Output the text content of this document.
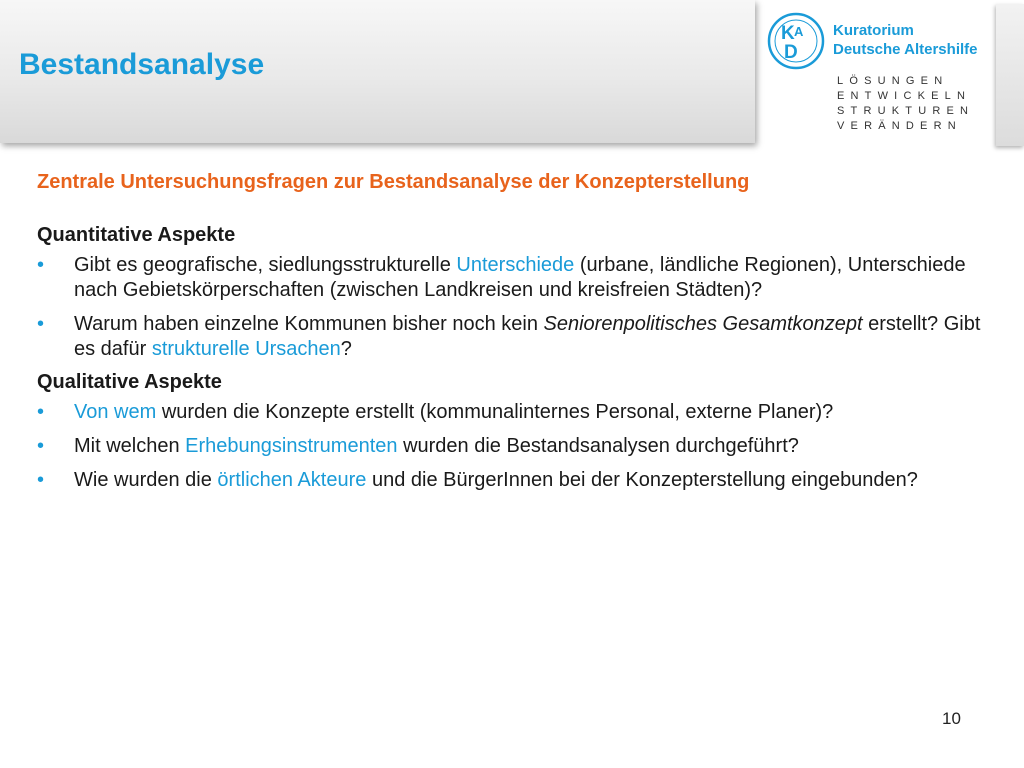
Bestandsanalyse
K A
D
Kuratorium
Deutsche Altershilfe
LÖSUNGEN
ENTWICKELN
STRUKTUREN
VERÄNDERN
Zentrale Untersuchungsfragen zur Bestandsanalyse der Konzepterstellung
Quantitative Aspekte
• Gibt es geografische, siedlungsstrukturelle Unterschiede (urbane, ländliche Regionen), Unterschiede nach Gebietskörperschaften (zwischen Landkreisen und kreisfreien Städten)?
• Warum haben einzelne Kommunen bisher noch kein Seniorenpolitisches Gesamtkonzept erstellt? Gibt es dafür strukturelle Ursachen?
Qualitative Aspekte
• Von wem wurden die Konzepte erstellt (kommunalinternes Personal, externe Planer)?
• Mit welchen Erhebungsinstrumenten wurden die Bestandsanalysen durchgeführt?
• Wie wurden die örtlichen Akteure und die BürgerInnen bei der Konzepterstellung eingebunden?
10
